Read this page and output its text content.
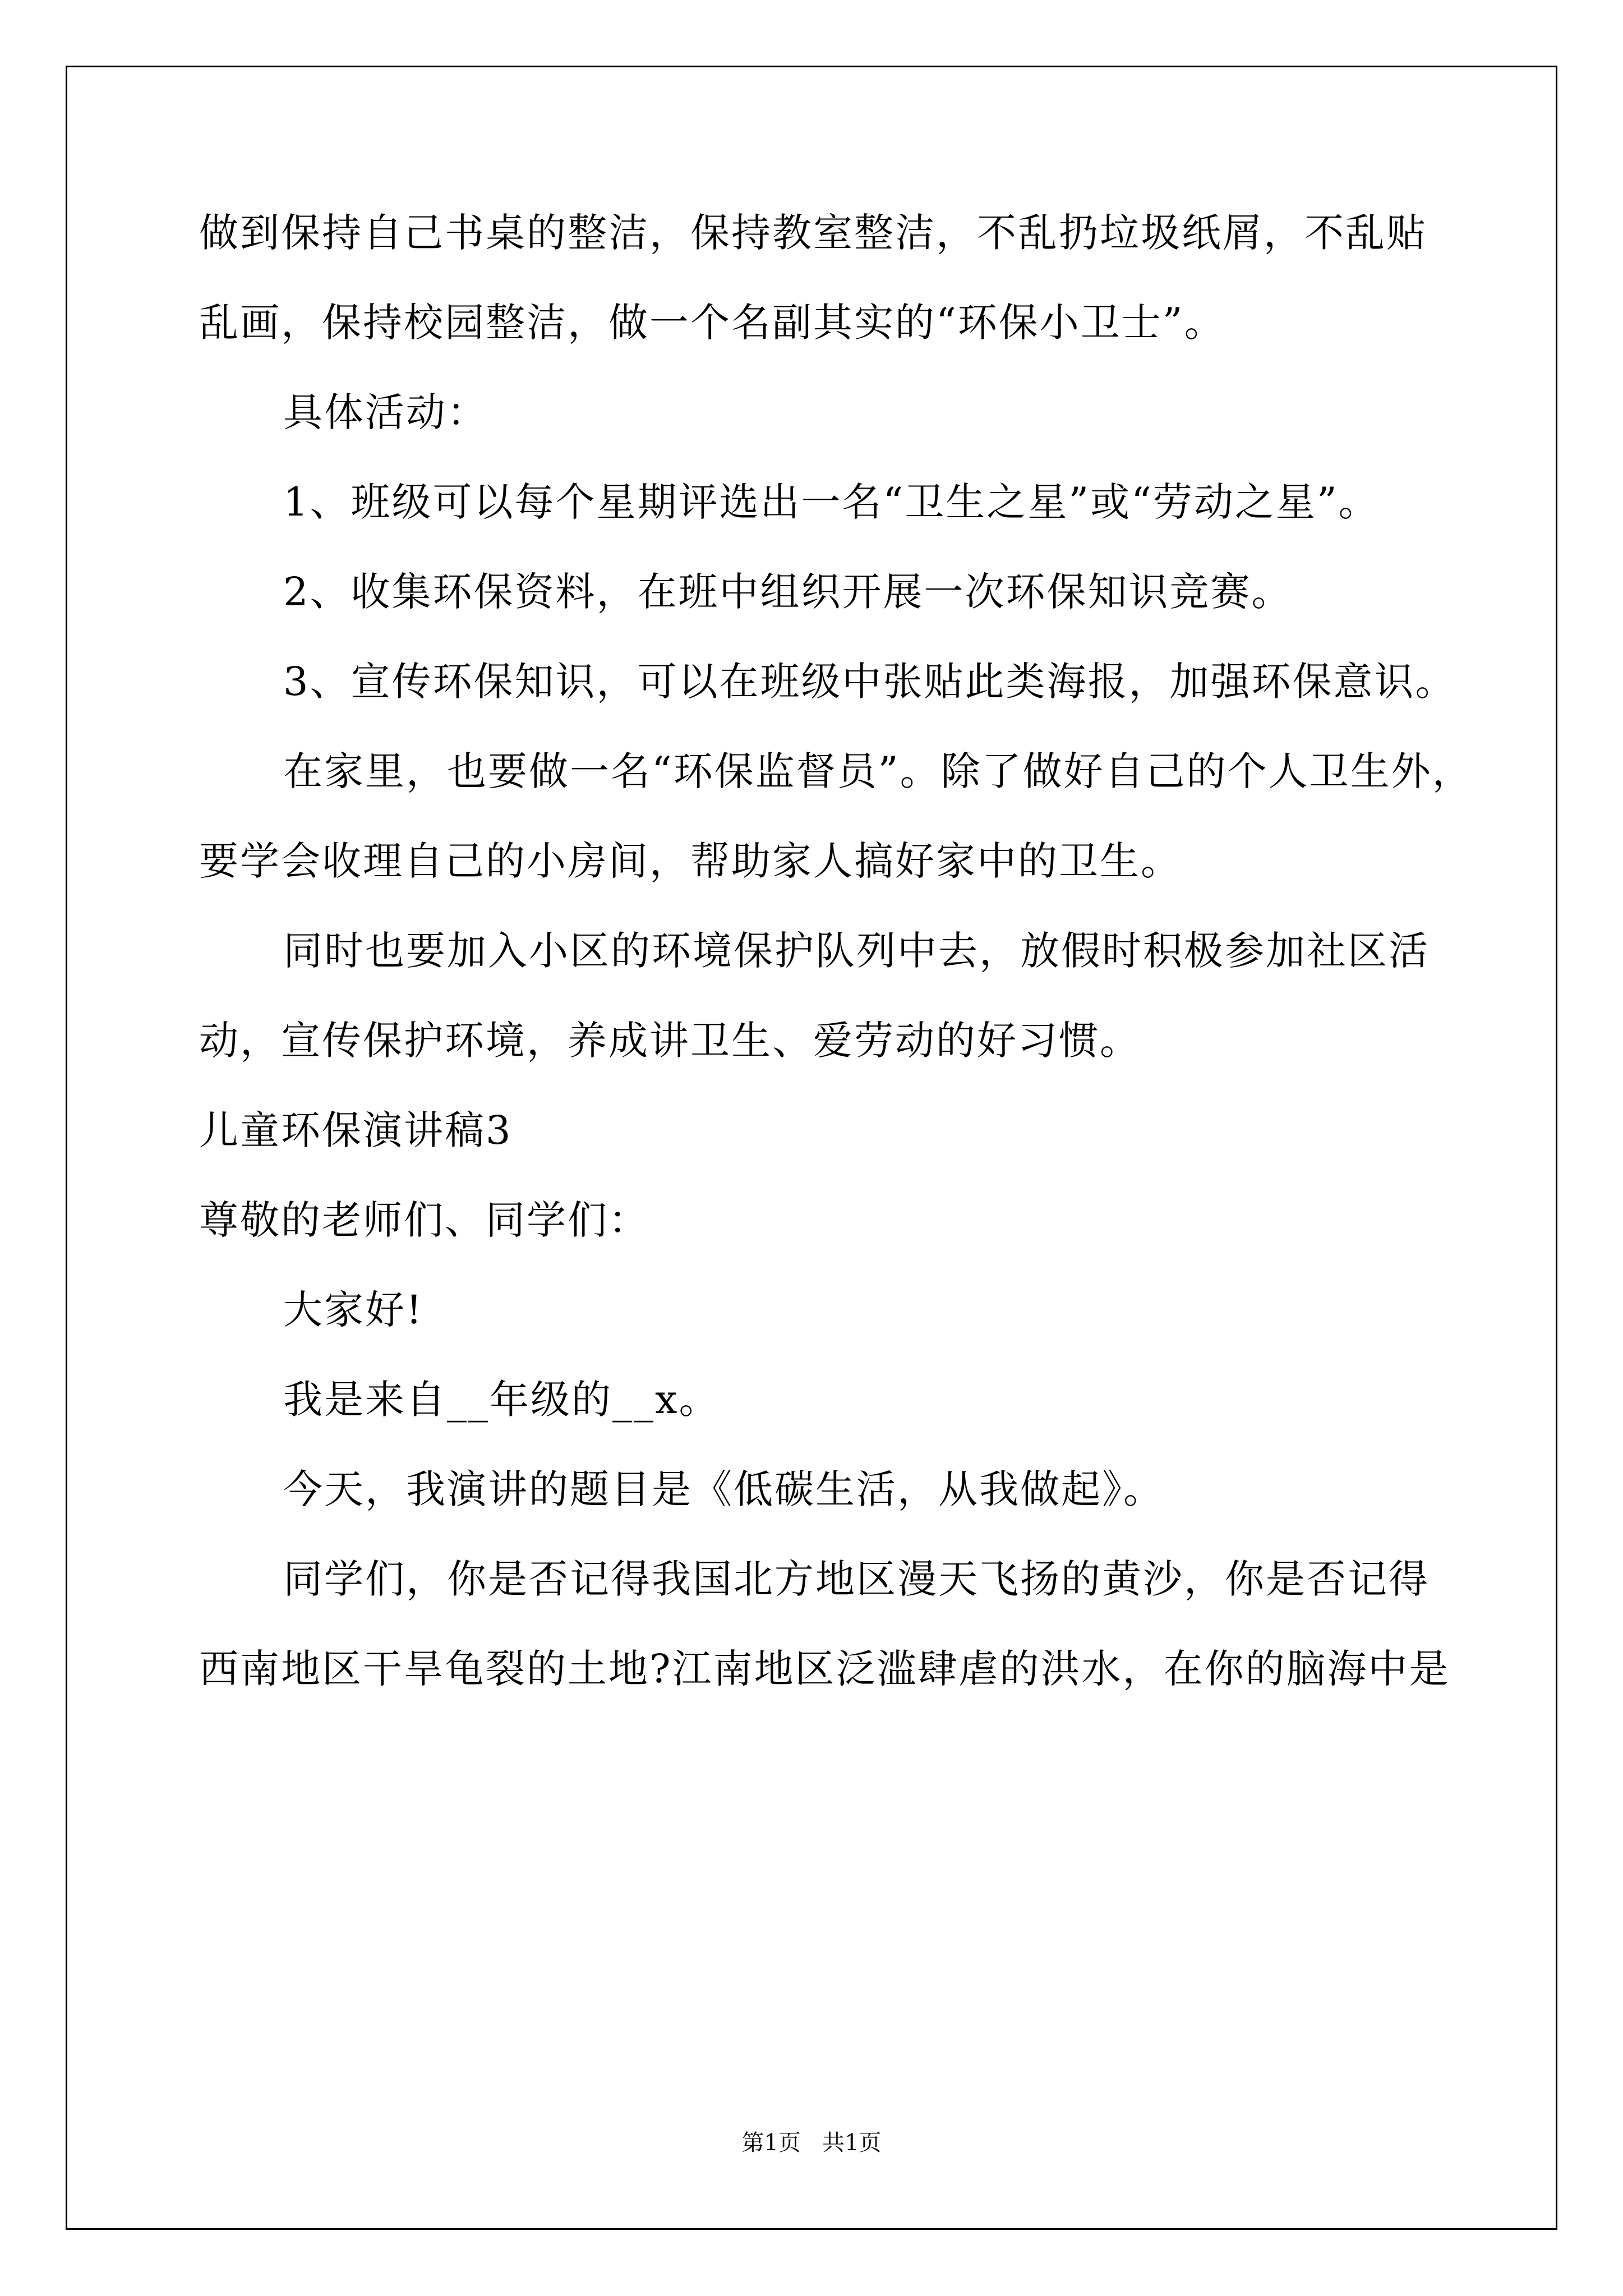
做到保持自己书桌的整洁，保持教室整洁，不乱扔垃圾纸屑，不乱贴
乱画，保持校园整洁，做一个名副其实的“环保小卫士”。
具体活动：
1、班级可以每个星期评选出一名“卫生之星”或“劳动之星”。
2、收集环保资料，在班中组织开展一次环保知识竞赛。
3、宣传环保知识，可以在班级中张贴此类海报，加强环保意识。
在家里，也要做一名“环保监督员”。除了做好自己的个人卫生外，
要学会收理自己的小房间，帮助家人搞好家中的卫生。
同时也要加入小区的环境保护队列中去，放假时积极参加社区活
动，宣传保护环境，养成讲卫生、爱劳动的好习惯。
儿童环保演讲稿3
尊敬的老师们、同学们：
大家好!
我是来自__年级的__x。
今天，我演讲的题目是《低碳生活，从我做起》。
同学们，你是否记得我国北方地区漫天飞扬的黄沙，你是否记得
西南地区干旱龟裂的土地?江南地区泛滥肆虐的洪水，在你的脑海中是
第1页   共1页
